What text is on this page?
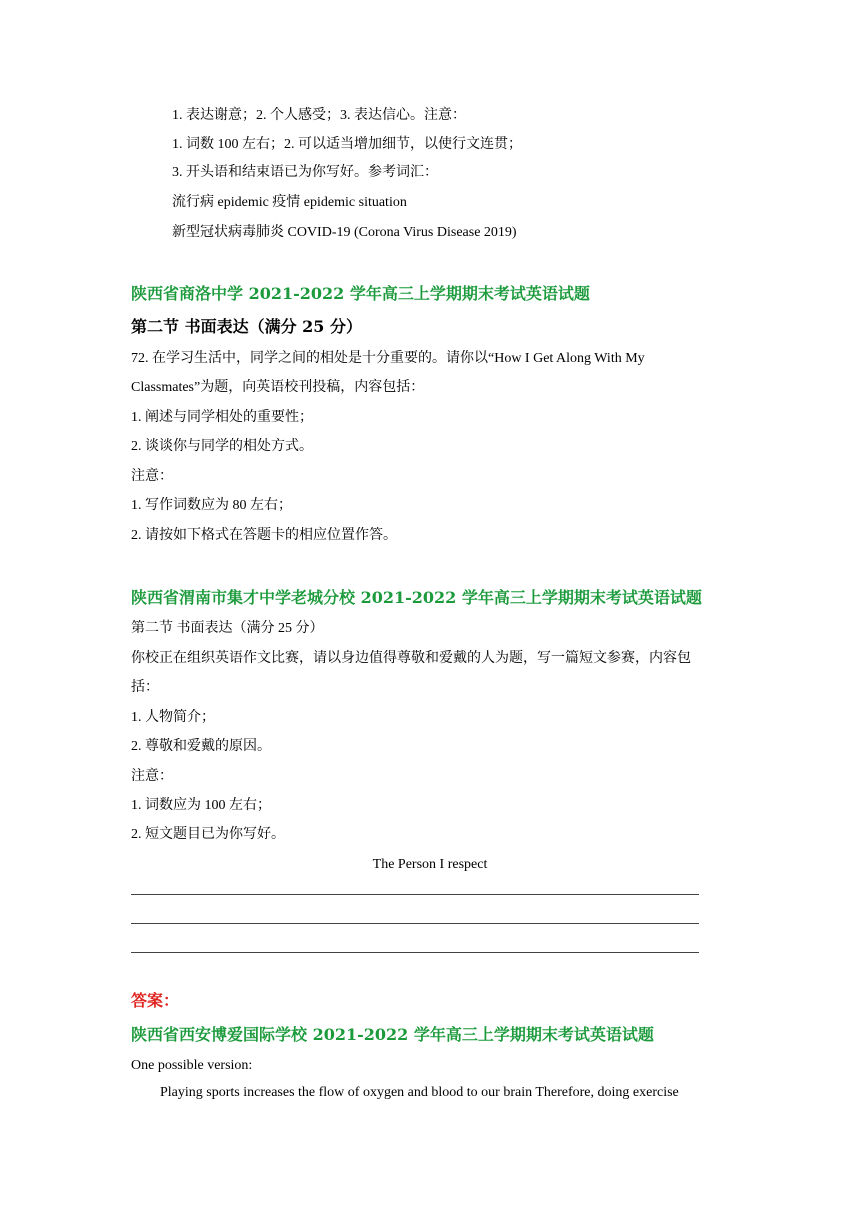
1. 表达谢意；2. 个人感受；3. 表达信心。注意：
1. 词数 100 左右；2. 可以适当增加细节，以使行文连贯；
3. 开头语和结束语已为你写好。参考词汇：
流行病 epidemic 疫情 epidemic situation
新型冠状病毒肺炎 COVID-19 (Corona Virus Disease 2019)
陕西省商洛中学 2021-2022 学年高三上学期期末考试英语试题
第二节 书面表达（满分 25 分）
72. 在学习生活中，同学之间的相处是十分重要的。请你以“How I Get Along With My
Classmates”为题，向英语校刊投稿，内容包括：
1. 阐述与同学相处的重要性；
2. 谈谈你与同学的相处方式。
注意：
1. 写作词数应为 80 左右；
2. 请按如下格式在答题卡的相应位置作答。
陕西省渭南市集才中学老城分校 2021-2022 学年高三上学期期末考试英语试题
第二节 书面表达（满分 25 分）
你校正在组织英语作文比赛，请以身边值得尊敬和爱戴的人为题，写一篇短文参赛，内容包
括：
1. 人物简介；
2. 尊敬和爱戴的原因。
注意：
1. 词数应为 100 左右；
2. 短文题目已为你写好。
The Person I respect
答案：
陕西省西安博爱国际学校 2021-2022 学年高三上学期期末考试英语试题
One possible version:
Playing sports increases the flow of oxygen and blood to our brain Therefore, doing exercise
